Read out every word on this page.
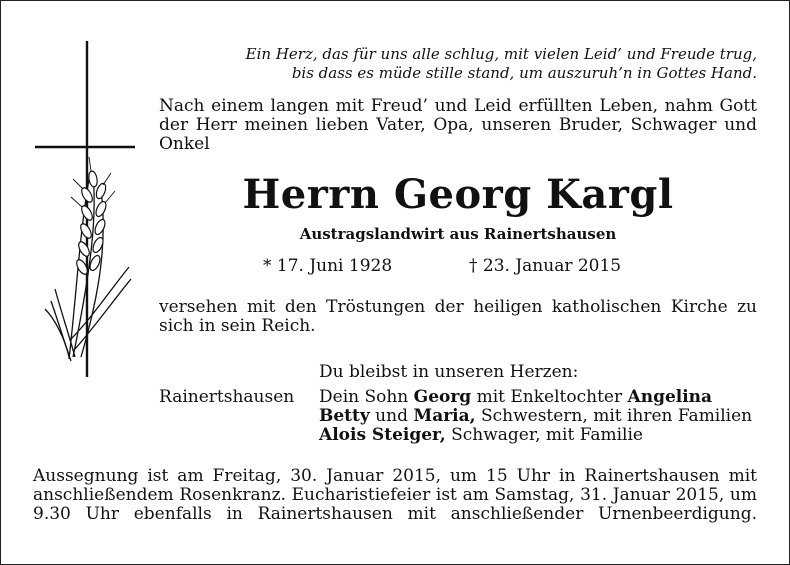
Ein Herz, das für uns alle schlug, mit vielen Leid’ und Freude trug,
bis dass es müde stille stand, um auszuruh’n in Gottes Hand.
Nach einem langen mit Freud’ und Leid erfüllten Leben, nahm Gott der Herr meinen lieben Vater, Opa, unseren Bruder, Schwager und Onkel
Herrn Georg Kargl
Austragslandwirt aus Rainertshausen
* 17. Juni 1928	† 23. Januar 2015
versehen mit den Tröstungen der heiligen katholischen Kirche zu sich in sein Reich.
Du bleibst in unseren Herzen:
Rainertshausen Dein Sohn Georg mit Enkeltochter Angelina
Betty und Maria, Schwestern, mit ihren Familien
Alois Steiger, Schwager, mit Familie
Aussegnung ist am Freitag, 30. Januar 2015, um 15 Uhr in Rainertshausen mit anschließendem Rosenkranz. Eucharistiefeier ist am Samstag, 31. Januar 2015, um 9.30 Uhr ebenfalls in Rainertshausen mit anschließender Urnenbeerdigung.
